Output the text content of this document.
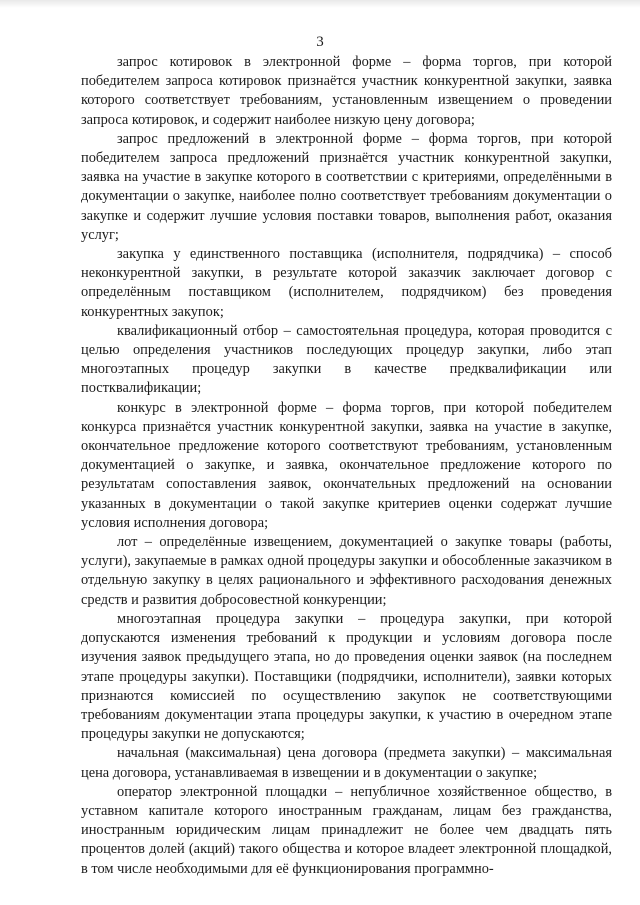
3

запрос котировок в электронной форме – форма торгов, при которой победителем запроса котировок признаётся участник конкурентной закупки, заявка которого соответствует требованиям, установленным извещением о проведении запроса котировок, и содержит наиболее низкую цену договора;

запрос предложений в электронной форме – форма торгов, при которой победителем запроса предложений признаётся участник конкурентной закупки, заявка на участие в закупке которого в соответствии с критериями, определёнными в документации о закупке, наиболее полно соответствует требованиям документации о закупке и содержит лучшие условия поставки товаров, выполнения работ, оказания услуг;

закупка у единственного поставщика (исполнителя, подрядчика) – способ неконкурентной закупки, в результате которой заказчик заключает договор с определённым поставщиком (исполнителем, подрядчиком) без проведения конкурентных закупок;

квалификационный отбор – самостоятельная процедура, которая проводится с целью определения участников последующих процедур закупки, либо этап многоэтапных процедур закупки в качестве предквалификации или постквалификации;

конкурс в электронной форме – форма торгов, при которой победителем конкурса признаётся участник конкурентной закупки, заявка на участие в закупке, окончательное предложение которого соответствуют требованиям, установленным документацией о закупке, и заявка, окончательное предложение которого по результатам сопоставления заявок, окончательных предложений на основании указанных в документации о такой закупке критериев оценки содержат лучшие условия исполнения договора;

лот – определённые извещением, документацией о закупке товары (работы, услуги), закупаемые в рамках одной процедуры закупки и обособленные заказчиком в отдельную закупку в целях рационального и эффективного расходования денежных средств и развития добросовестной конкуренции;

многоэтапная процедура закупки – процедура закупки, при которой допускаются изменения требований к продукции и условиям договора после изучения заявок предыдущего этапа, но до проведения оценки заявок (на последнем этапе процедуры закупки). Поставщики (подрядчики, исполнители), заявки которых признаются комиссией по осуществлению закупок не соответствующими требованиям документации этапа процедуры закупки, к участию в очередном этапе процедуры закупки не допускаются;

начальная (максимальная) цена договора (предмета закупки) – максимальная цена договора, устанавливаемая в извещении и в документации о закупке;

оператор электронной площадки – непубличное хозяйственное общество, в уставном капитале которого иностранным гражданам, лицам без гражданства, иностранным юридическим лицам принадлежит не более чем двадцать пять процентов долей (акций) такого общества и которое владеет электронной площадкой, в том числе необходимыми для её функционирования программно-
